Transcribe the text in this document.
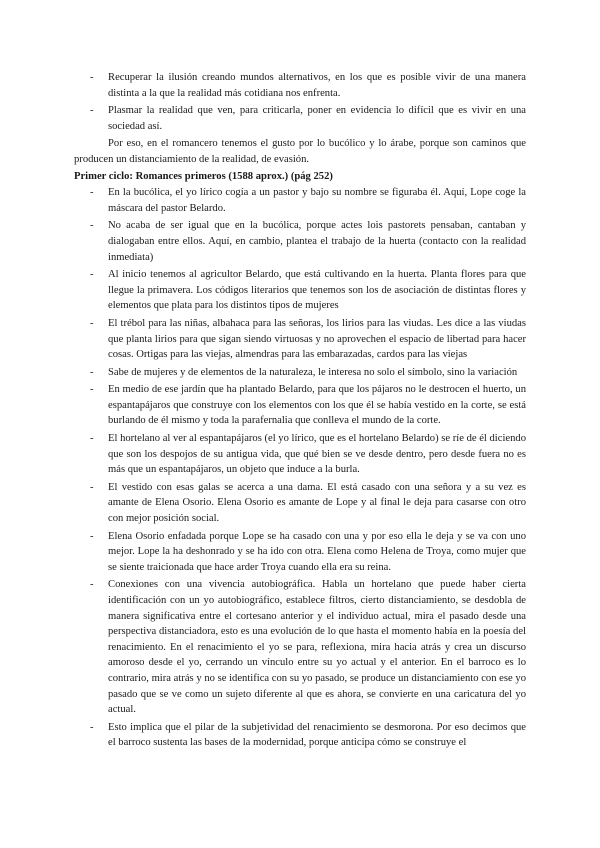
- Recuperar la ilusión creando mundos alternativos, en los que es posible vivir de una manera distinta a la que la realidad más cotidiana nos enfrenta.
- Plasmar la realidad que ven, para criticarla, poner en evidencia lo difícil que es vivir en una sociedad así.
Por eso, en el romancero tenemos el gusto por lo bucólico y lo árabe, porque son caminos que producen un distanciamiento de la realidad, de evasión.
Primer ciclo: Romances primeros (1588 aprox.) (pág 252)
- En la bucólica, el yo lírico cogía a un pastor y bajo su nombre se figuraba él. Aquí, Lope coge la máscara del pastor Belardo.
- No acaba de ser igual que en la bucólica, porque actes lois pastorets pensaban, cantaban y dialogaban entre ellos. Aquí, en cambio, plantea el trabajo de la huerta (contacto con la realidad inmediata)
- Al inicio tenemos al agricultor Belardo, que está cultivando en la huerta. Planta flores para que llegue la primavera. Los códigos literarios que tenemos son los de asociación de distintas flores y elementos que plata para los distintos tipos de mujeres
- El trébol para las niñas, albahaca para las señoras, los lirios para las viudas. Les dice a las viudas que planta lirios para que sigan siendo virtuosas y no aprovechen el espacio de libertad para hacer cosas. Ortigas para las viejas, almendras para las embarazadas, cardos para las viejas
- Sabe de mujeres y de elementos de la naturaleza, le interesa no solo el símbolo, sino la variación
- En medio de ese jardín que ha plantado Belardo, para que los pájaros no le destrocen el huerto, un espantapájaros que construye con los elementos con los que él se había vestido en la corte, se está burlando de él mismo y toda la parafernalia que conlleva el mundo de la corte.
- El hortelano al ver al espantapájaros (el yo lírico, que es el hortelano Belardo) se ríe de él diciendo que son los despojos de su antigua vida, que qué bien se ve desde dentro, pero desde fuera no es más que un espantapájaros, un objeto que induce a la burla.
- El vestido con esas galas se acerca a una dama. El está casado con una señora y a su vez es amante de Elena Osorio. Elena Osorio es amante de Lope y al final le deja para casarse con otro con mejor posición social.
- Elena Osorio enfadada porque Lope se ha casado con una y por eso ella le deja y se va con uno mejor. Lope la ha deshonrado y se ha ido con otra. Elena como Helena de Troya, como mujer que se siente traicionada que hace arder Troya cuando ella era su reina.
- Conexiones con una vivencia autobiográfica. Habla un hortelano que puede haber cierta identificación con un yo autobiográfico, establece filtros, cierto distanciamiento, se desdobla de manera significativa entre el cortesano anterior y el individuo actual, mira el pasado desde una perspectiva distanciadora, esto es una evolución de lo que hasta el momento había en la poesía del renacimiento. En el renacimiento el yo se para, reflexiona, mira hacia atrás y crea un discurso amoroso desde el yo, cerrando un vínculo entre su yo actual y el anterior. En el barroco es lo contrario, mira atrás y no se identifica con su yo pasado, se produce un distanciamiento con ese yo pasado que se ve como un sujeto diferente al que es ahora, se convierte en una caricatura del yo actual.
- Esto implica que el pilar de la subjetividad del renacimiento se desmorona. Por eso decimos que el barroco sustenta las bases de la modernidad, porque anticipa cómo se construye el
